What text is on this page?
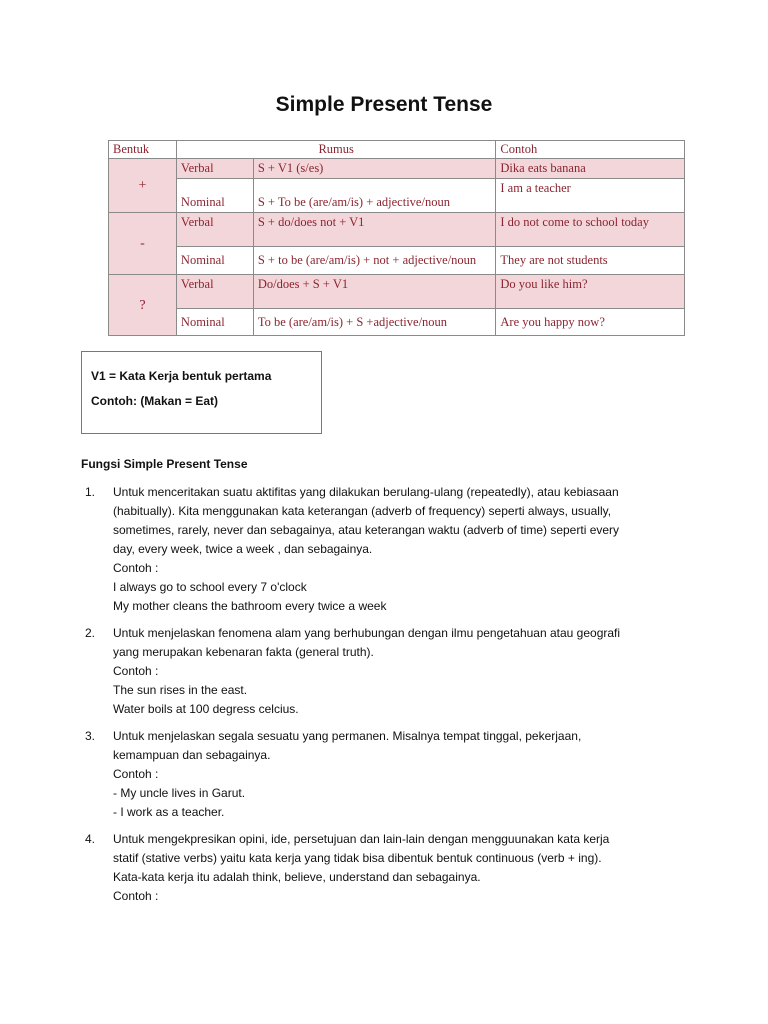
Simple Present Tense
Bentuk	Rumus		Contoh
+	Verbal	S + V1 (s/es)	Dika eats banana
	Nominal	S + To be (are/am/is) + adjective/noun	I am a teacher
-	Verbal	S + do/does not + V1	I do not come to school today
	Nominal	S + to be (are/am/is) + not + adjective/noun	They are not students
?	Verbal	Do/does + S + V1	Do you like him?
	Nominal	To be (are/am/is) + S +adjective/noun	Are you happy now?
V1 = Kata Kerja bentuk pertama
Contoh: (Makan = Eat)
Fungsi Simple Present Tense
1. Untuk menceritakan suatu aktifitas yang dilakukan berulang-ulang (repeatedly), atau kebiasaan
(habitually). Kita menggunakan kata keterangan (adverb of frequency) seperti always, usually,
sometimes, rarely, never dan sebagainya, atau keterangan waktu (adverb of time) seperti every
day, every week, twice a week , dan sebagainya.
Contoh :
I always go to school every 7 o'clock
My mother cleans the bathroom every twice a week
2. Untuk menjelaskan fenomena alam yang berhubungan dengan ilmu pengetahuan atau geografi
yang merupakan kebenaran fakta (general truth).
Contoh :
The sun rises in the east.
Water boils at 100 degress celcius.
3. Untuk menjelaskan segala sesuatu yang permanen. Misalnya tempat tinggal, pekerjaan,
kemampuan dan sebagainya.
Contoh :
- My uncle lives in Garut.
- I work as a teacher.
4. Untuk mengekpresikan opini, ide, persetujuan dan lain-lain dengan mengguunakan kata kerja
statif (stative verbs) yaitu kata kerja yang tidak bisa dibentuk bentuk continuous (verb + ing).
Kata-kata kerja itu adalah think, believe, understand dan sebagainya.
Contoh :
